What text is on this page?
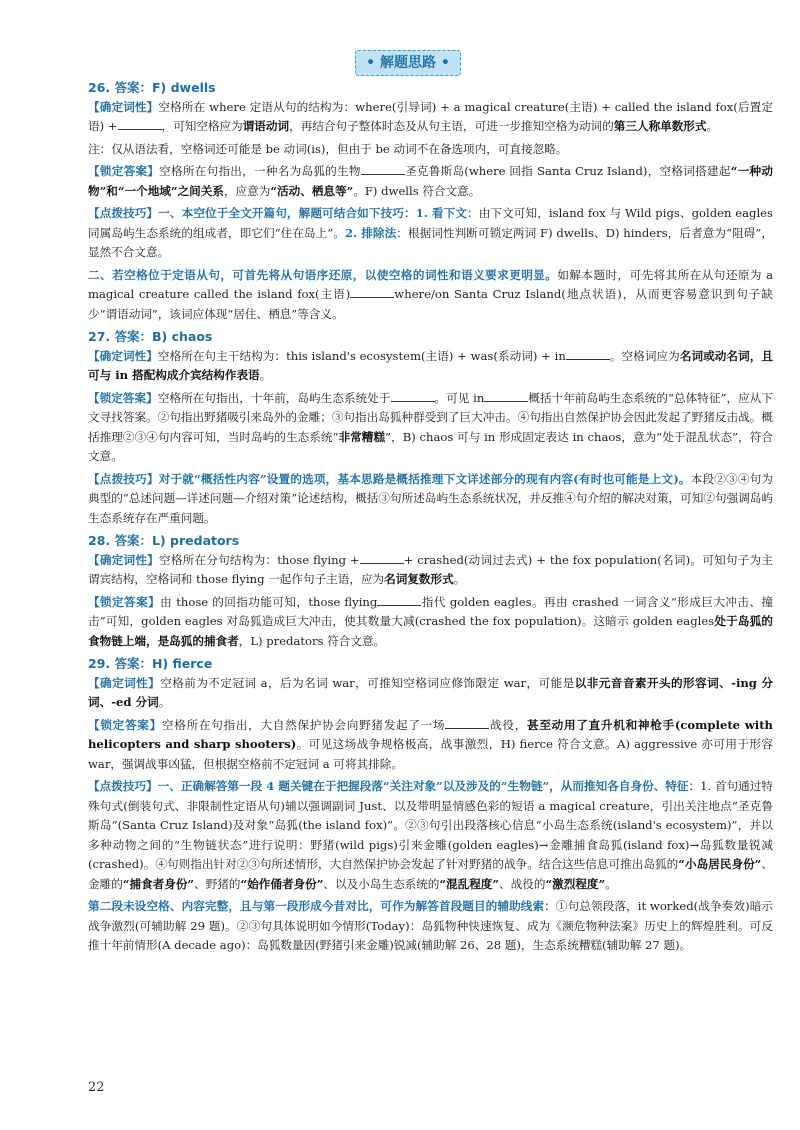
• 解题思路 •
26. 答案：F) dwells

【确定词性】空格所在 where 定语从句的结构为：where(引导词) + a magical creature(主语) + called the island fox(后置定语) +	，可知空格应为谓语动词，再结合句子整体时态及从句主语，可进一步推知空格为动词的第三人称单数形式。

注：仅从语法看，空格词还可能是 be 动词(is)，但由于 be 动词不在备选项内，可直接忽略。

【锁定答案】空格所在句指出，一种名为岛狐的生物	圣克鲁斯岛(where 回指 Santa Cruz Island)，空格词搭建起“一种动物”和“一个地域”之间关系，应意为“活动、栖息等”。F) dwells 符合文意。

【点拨技巧】一、本空位于全文开篇句，解题可结合如下技巧：1. 看下文：由下文可知，island fox 与 Wild pigs、golden eagles 同属岛屿生态系统的组成者，即它们“住在岛上”。2. 排除法：根据词性判断可锁定两词 F) dwells、D) hinders，后者意为“阻碍”，显然不合文意。

二、若空格位于定语从句，可首先将从句语序还原，以使空格的词性和语义要求更明显。如解本题时，可先将其所在从句还原为 a magical creature called the island fox(主语)	where/on Santa Cruz Island(地点状语)，从而更容易意识到句子缺少“谓语动词”，该词应体现“居住、栖息”等含义。

27. 答案：B) chaos

【确定词性】空格所在句主干结构为：this island's ecosystem(主语) + was(系动词) + in	。空格词应为名词或动名词，且可与 in 搭配构成介宾结构作表语。

【锁定答案】空格所在句指出，十年前，岛屿生态系统处于	。可见 in	概括十年前岛屿生态系统的“总体特征”，应从下文寻找答案。②句指出野猪吸引来岛外的金雕；③句指出岛狐种群受到了巨大冲击。④句指出自然保护协会因此发起了野猪反击战。概括推理②③④句内容可知，当时岛屿的生态系统“非常糟糕”，B) chaos 可与 in 形成固定表达 in chaos，意为“处于混乱状态”，符合文意。

【点拨技巧】对于就“概括性内容”设置的选项，基本思路是概括推理下文详述部分的现有内容(有时也可能是上文)。本段②③④句为典型的“总述问题—详述问题—介绍对策”论述结构，概括③句所述岛屿生态系统状况，并反推④句介绍的解决对策，可知②句强调岛屿生态系统存在严重问题。

28. 答案：L) predators

【确定词性】空格所在分句结构为：those flying +	+ crashed(动词过去式) + the fox population(名词)。可知句子为主谓宾结构，空格词和 those flying 一起作句子主语，应为名词复数形式。

【锁定答案】由 those 的回指功能可知，those flying	指代 golden eagles。再由 crashed 一词含义“形成巨大冲击、撞击”可知，golden eagles 对岛狐造成巨大冲击，使其数量大减(crashed the fox population)。这暗示 golden eagles处于岛狐的食物链上端，是岛狐的捕食者，L) predators 符合文意。

29. 答案：H) fierce

【确定词性】空格前为不定冠词 a，后为名词 war，可推知空格词应修饰限定 war，可能是以非元音音素开头的形容词、-ing 分词、-ed 分词。

【锁定答案】空格所在句指出，大自然保护协会向野猪发起了一场	战役，甚至动用了直升机和神枪手(complete with helicopters and sharp shooters)。可见这场战争规格极高，战事激烈，H) fierce 符合文意。A) aggressive 亦可用于形容 war，强调战事凶猛，但根据空格前不定冠词 a 可将其排除。

【点拨技巧】一、正确解答第一段 4 题关键在于把握段落“关注对象”以及涉及的“生物链”，从而推知各自身份、特征：1. 首句通过特殊句式(倒装句式、非限制性定语从句)辅以强调副词 Just、以及带明显情感色彩的短语 a magical creature，引出关注地点“圣克鲁斯岛”(Santa Cruz Island)及对象“岛狐(the island fox)”。②③句引出段落核心信息“小岛生态系统(island's ecosystem)”，并以多种动物之间的“生物链状态”进行说明：野猪(wild pigs)引来金雕(golden eagles)→金雕捕食岛狐(island fox)→岛狐数量锐减(crashed)。④句则指出针对②③句所述情形，大自然保护协会发起了针对野猪的战争。结合这些信息可推出岛狐的“小岛居民身份”、金雕的“捕食者身份”、野猪的“始作俑者身份”、以及小岛生态系统的“混乱程度”、战役的“激烈程度”。

第二段未设空格、内容完整，且与第一段形成今昔对比，可作为解答首段题目的辅助线索：①句总领段落，it worked(战争奏效)暗示战争激烈(可辅助解 29 题)。②③句具体说明如今情形(Today)：岛狐物种快速恢复、成为《濒危物种法案》历史上的辉煌胜利。可反推十年前情形(A decade ago)：岛狐数量因(野猪引来金雕)锐减(辅助解 26、28 题)，生态系统糟糕(辅助解 27 题)。

22
